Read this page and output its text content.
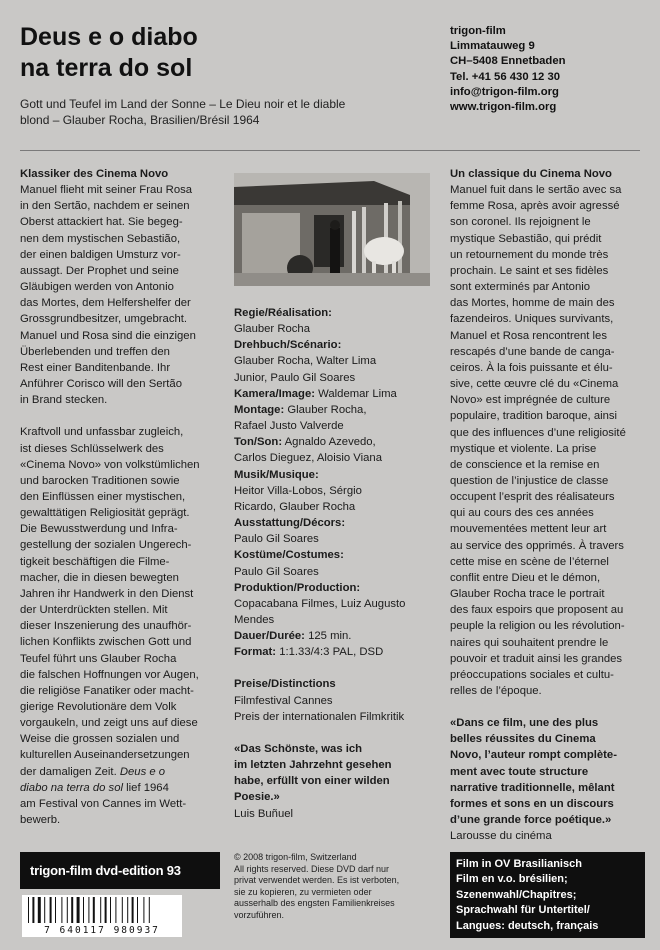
Deus e o diabo
na terra do sol

Gott und Teufel im Land der Sonne – Le Dieu noir et le diable blond – Glauber Rocha, Brasilien/Brésil 1964

trigon-film
Limmatauweg 9
CH–5408 Ennetbaden
Tel. +41 56 430 12 30
info@trigon-film.org
www.trigon-film.org
Klassiker des Cinema Novo

Manuel flieht mit seiner Frau Rosa
in den Sertão, nachdem er seinen
Oberst attackiert hat. Sie begeg-
nen dem mystischen Sebastião,
der einen baldigen Umsturz vor-
aussagt. Der Prophet und seine
Gläubigen werden von Antonio
das Mortes, dem Helfershelfer der
Grossgrundbesitzer, umgebracht.
Manuel und Rosa sind die einzigen
Überlebenden und treffen den
Rest einer Banditenbande. Ihr
Anführer Corisco will den Sertão
in Brand stecken.

Kraftvoll und unfassbar zugleich,
ist dieses Schlüsselwerk des
«Cinema Novo» von volkstümlichen
und barocken Traditionen sowie
den Einflüssen einer mystischen,
gewalttätigen Religiosität geprägt.
Die Bewusstwerdung und Infra-
gestellung der sozialen Ungerech-
tigkeit beschäftigen die Filme-
macher, die in diesen bewegten
Jahren ihr Handwerk in den Dienst
der Unterdrückten stellen. Mit
dieser Inszenierung des unaufhör-
lichen Konflikts zwischen Gott und
Teufel führt uns Glauber Rocha
die falschen Hoffnungen vor Augen,
die religiöse Fanatiker oder macht-
gierige Revolutionäre dem Volk
vorgaukeln, und zeigt uns auf diese
Weise die grossen sozialen und
kulturellen Auseinandersetzungen
der damaligen Zeit. Deus e o
diabo na terra do sol lief 1964
am Festival von Cannes im Wett-
bewerb.

Regie/Réalisation:

Glauber Rocha

Drehbuch/Scénario:

Glauber Rocha, Walter Lima
Junior, Paulo Gil Soares

Kamera/Image: Waldemar Lima

Montage: Glauber Rocha,
Rafael Justo Valverde

Ton/Son: Agnaldo Azevedo,
Carlos Dieguez, Aloisio Viana

Musik/Musique:

Heitor Villa-Lobos, Sérgio
Ricardo, Glauber Rocha

Ausstattung/Décors:

Paulo Gil Soares

Kostüme/Costumes:

Paulo Gil Soares

Produktion/Production:

Copacabana Filmes, Luiz Augusto
Mendes

Dauer/Durée: 125 min.

Format: 1:1.33/4:3 PAL, DSD

Preise/Distinctions

Filmfestival Cannes
Preis der internationalen Filmkritik

«Das Schönste, was ich
im letzten Jahrzehnt gesehen
habe, erfüllt von einer wilden
Poesie.»

Luis Buñuel

Un classique du Cinema Novo

Manuel fuit dans le sertão avec sa
femme Rosa, après avoir agressé
son coronel. Ils rejoignent le
mystique Sebastião, qui prédit
un retournement du monde très
prochain. Le saint et ses fidèles
sont exterminés par Antonio
das Mortes, homme de main des
fazendeiros. Uniques survivants,
Manuel et Rosa rencontrent les
rescapés d’une bande de canga-
ceiros. À la fois puissante et élu-
sive, cette œuvre clé du «Cinema
Novo» est imprégnée de culture
populaire, tradition baroque, ainsi
que des influences d’une religiosité
mystique et violente. La prise
de conscience et la remise en
question de l’injustice de classe
occupent l’esprit des réalisateurs
qui au cours des ces années
mouvementées mettent leur art
au service des opprimés. À travers
cette mise en scène de l’éternel
conflit entre Dieu et le démon,
Glauber Rocha trace le portrait
des faux espoirs que proposent au
peuple la religion ou les révolution-
naires qui souhaitent prendre le
pouvoir et traduit ainsi les grandes
préoccupations sociales et cultu-
relles de l’époque.

«Dans ce film, une des plus
belles réussites du Cinema
Novo, l’auteur rompt complète-
ment avec toute structure
narrative traditionnelle, mêlant
formes et sons en un discours
d’une grande force poétique.»

Larousse du cinéma

trigon-film dvd-edition 93
© 2008 trigon-film, Switzerland
All rights reserved. Diese DVD darf nur
privat verwendet werden. Es ist verboten,
sie zu kopieren, zu vermieten oder
ausserhalb des engsten Familienkreises
vorzuführen.
Film in OV Brasilianisch
Film en v.o. brésilien;
Szenenwahl/Chapitres;
Sprachwahl für Untertitel/
Langues: deutsch, français
7 640117 980937
